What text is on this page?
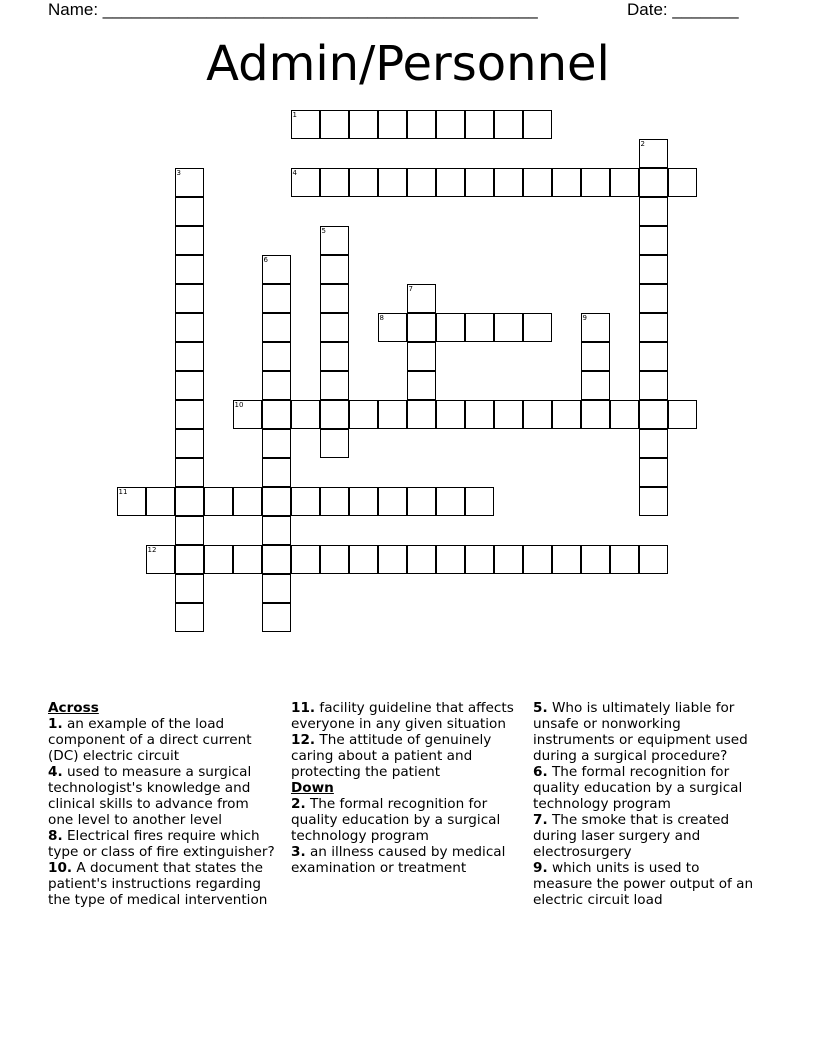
Name: ______________________________________________	Date: _______
Admin/Personnel
1
2
3	4
5
6
7
8	9
10
11
12
Across
1. an example of the load component of a direct current (DC) electric circuit
4. used to measure a surgical technologist's knowledge and clinical skills to advance from one level to another level
8. Electrical fires require which type or class of fire extinguisher?
10. A document that states the patient's instructions regarding the type of medical intervention
11. facility guideline that affects everyone in any given situation
12. The attitude of genuinely caring about a patient and protecting the patient
Down
2. The formal recognition for quality education by a surgical technology program
3. an illness caused by medical examination or treatment
5. Who is ultimately liable for unsafe or nonworking instruments or equipment used during a surgical procedure?
6. The formal recognition for quality education by a surgical technology program
7. The smoke that is created during laser surgery and electrosurgery
9. which units is used to measure the power output of an electric circuit load
